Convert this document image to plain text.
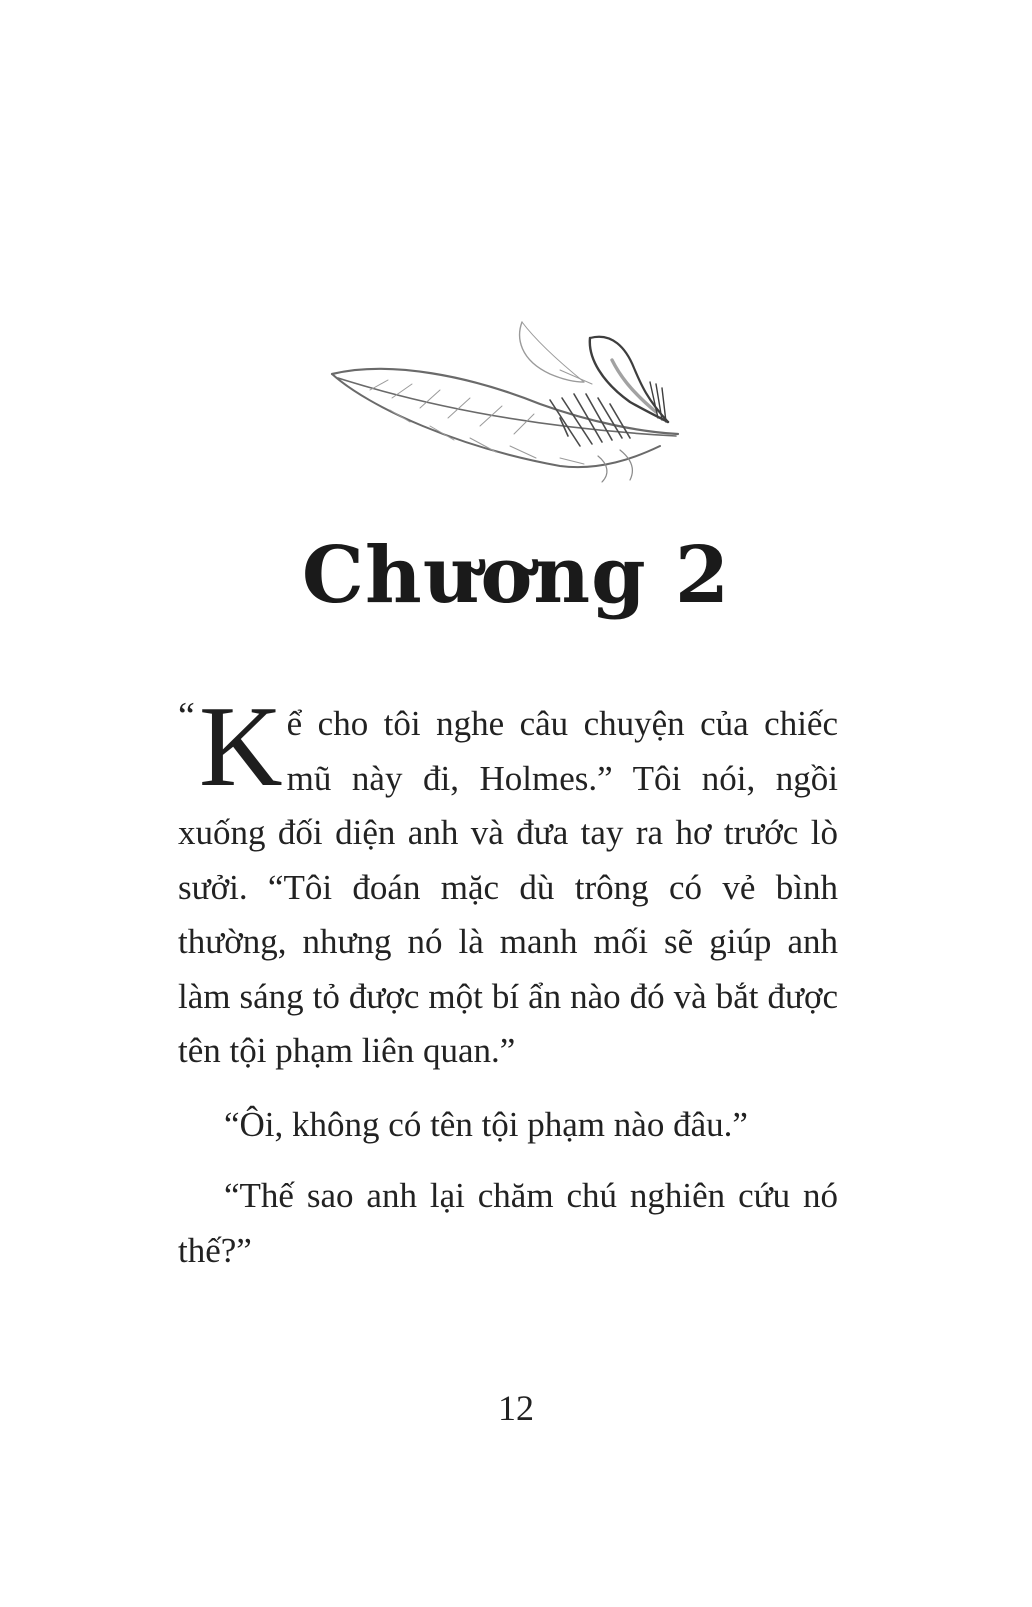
Chương 2

“ K ể cho tôi nghe câu chuyện của chiếc mũ này đi, Holmes.” Tôi nói, ngồi xuống đối diện anh và đưa tay ra hơ trước lò sưởi. “Tôi đoán mặc dù trông có vẻ bình thường, nhưng nó là manh mối sẽ giúp anh làm sáng tỏ được một bí ẩn nào đó và bắt được tên tội phạm liên quan.”

“Ôi, không có tên tội phạm nào đâu.”

“Thế sao anh lại chăm chú nghiên cứu nó thế?”

12
